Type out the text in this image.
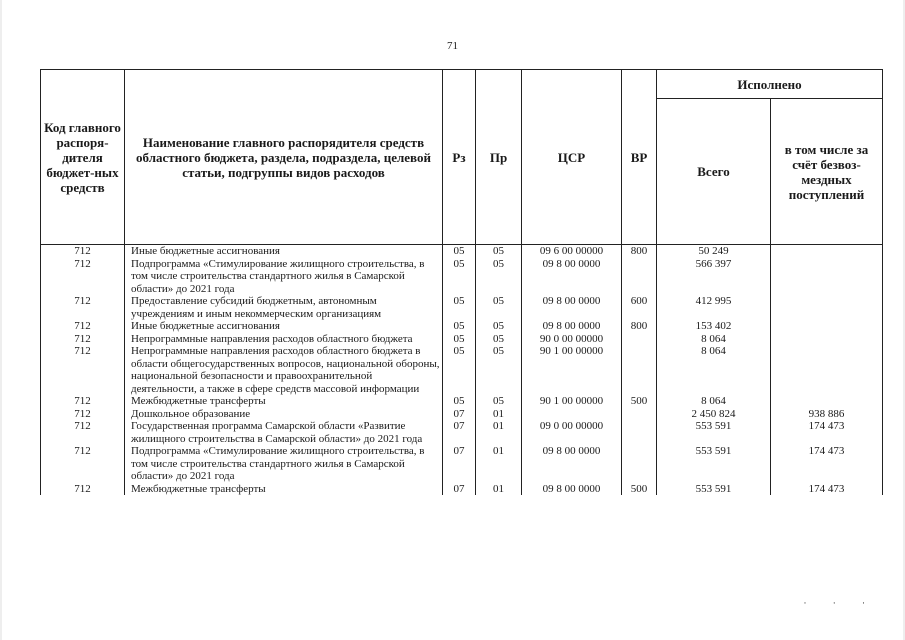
71
Код главного распоря-дителя бюджет-ных средств	Наименование главного распорядителя средств областного бюджета, раздела, подраздела, целевой статьи, подгруппы видов расходов	Рз	Пр	ЦСР	ВР	Исполнено	
						Всего	в том числе за счёт безвоз-мездных поступлений
712	Иные бюджетные ассигнования	05	05	09 6 00 00000	800	50 249	
712	Подпрограмма «Стимулирование жилищного строительства, в том числе строительства стандартного жилья в Самарской области» до 2021 года	05	05	09 8 00 0000		566 397	
712	Предоставление субсидий бюджетным, автономным учреждениям и иным некоммерческим организациям	05	05	09 8 00 0000	600	412 995	
712	Иные бюджетные ассигнования	05	05	09 8 00 0000	800	153 402	
712	Непрограммные направления расходов областного бюджета	05	05	90 0 00 00000		8 064	
712	Непрограммные направления расходов областного бюджета в области общегосударственных вопросов, национальной обороны, национальной безопасности и правоохранительной деятельности, а также в сфере средств массовой информации	05	05	90 1 00 00000		8 064	
712	Межбюджетные трансферты	05	05	90 1 00 00000	500	8 064	
712	Дошкольное образование	07	01			2 450 824	938 886
712	Государственная программа Самарской области «Развитие жилищного строительства в Самарской области» до 2021 года	07	01	09 0 00 00000		553 591	174 473
712	Подпрограмма «Стимулирование жилищного строительства, в том числе строительства стандартного жилья в Самарской области» до 2021 года	07	01	09 8 00 0000		553 591	174 473
712	Межбюджетные трансферты	07	01	09 8 00 0000	500	553 591	174 473
· · ·
